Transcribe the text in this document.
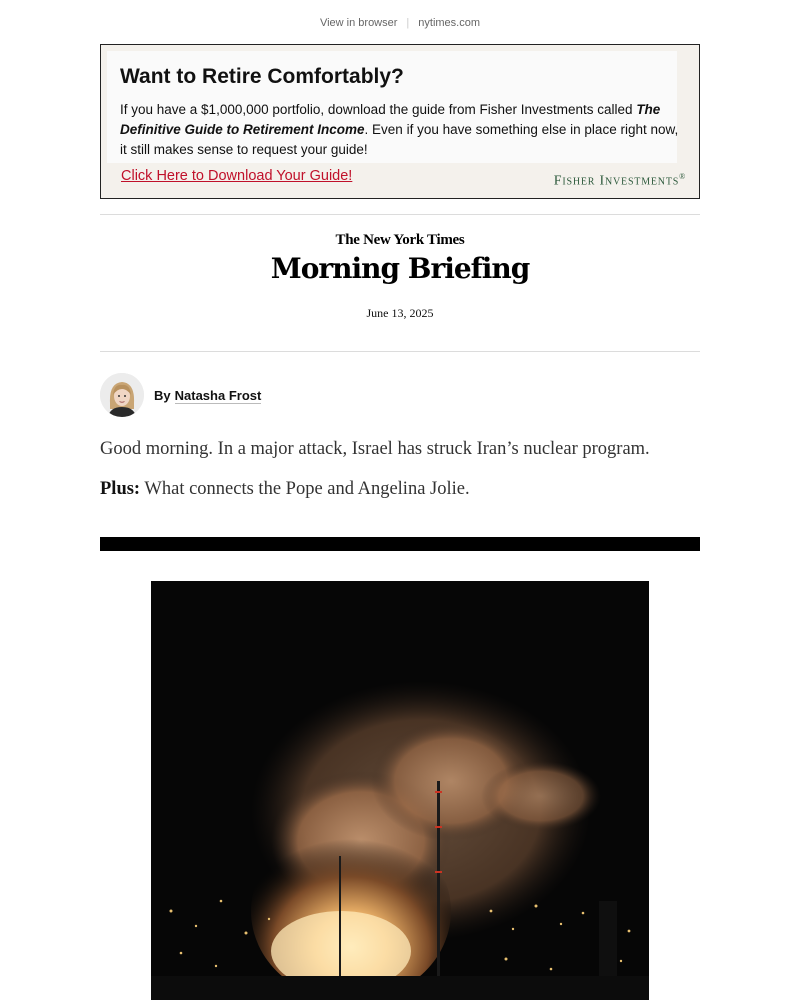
View in browser | nytimes.com
Want to Retire Comfortably?
If you have a $1,000,000 portfolio, download the guide from Fisher Investments called The Definitive Guide to Retirement Income. Even if you have something else in place right now, it still makes sense to request your guide!
Click Here to Download Your Guide!	Fisher Investments®
The New York Times
Morning Briefing
June 13, 2025
By Natasha Frost

Good morning. In a major attack, Israel has struck Iran’s nuclear program.

Plus: What connects the Pope and Angelina Jolie.
